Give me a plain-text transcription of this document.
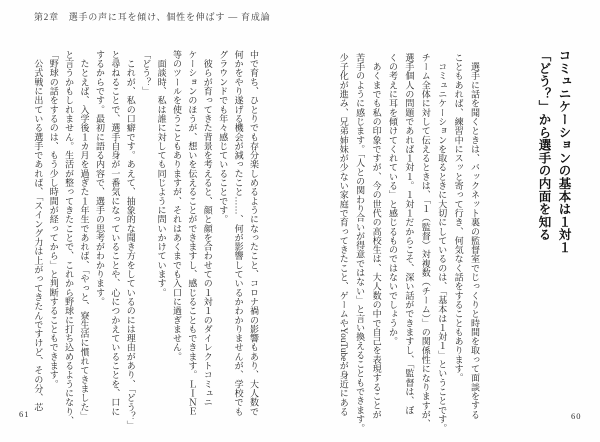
第2章　選手の声に耳を傾け、個性を伸ばす ― 育成論

コミュニケーションの基本は１対１

「どう？」から選手の内面を知る

　選手に話を聞くときは、バックネット裏の監督室でじっくりと時間を取って面談をする

こともあれば、練習中にスッと寄って行き、何気なく話をすることもあります。

　コミュニケーションを取るときに大切にしているのは、「基本は１対１」ということです。

チーム全体に対して伝えるときは、「１（監督）対複数（チーム）」の関係性になりますが、

選手個人の問題であれば１対１。１対１だからこそ、深い話ができますし、「監督は、ぼ

くの考えに耳を傾けてくれている」と感じるものではないでしょうか。

　あくまでも私の印象ですが、今の世代の高校生は、大人数の中で自己を表現することが

苦手のように感じます。「人との関わり合いが得意ではない」と言い換えることもできます。

少子化が進み、兄弟姉妹が少ない家庭で育ってきたこと、ゲームやYouTubeが身近にある

中で育ち、ひとりでも存分楽しめるようになったこと、コロナ禍の影響もあり、大人数で

何かをやり遂げる機会が減ったこと……、何が影響しているかわかりませんが、学校でも

グラウンドでも年々感じていることです。

　彼らが育ってきた背景を考えると、顔と顔を合わせての１対１のダイレクトコミュニ

ケーションのほうが、想いを伝えることができますし、感じることもできます。ＬＩＮＥ

等のツールを使うこともありますが、それはあくまでも入口に過ぎません。

　面談時、私は誰に対しても同じように問いかけています。

「どう？」

　これが、私の口癖です。あえて、抽象的な聞き方をしているのには理由があり、「どう？」

と尋ねることで、選手自身が一番気になっていることや、心につかえていることを、口に

するからです。最初に語る内容で、選手の思考がわかります。

　たとえば、入学後１カ月を過ぎた１年生であれば、「やっと、寮生活に慣れてきました」

と言うかもしれません。生活が整ってきたことで、これから野球に打ち込めるようになり、

「野球の話をするのは、もう少し時間が経ってから」と判断することもできます。

　公式戦に出ている選手であれば、「スイング力は上がってきたんですけど、その分、芯

61	60
